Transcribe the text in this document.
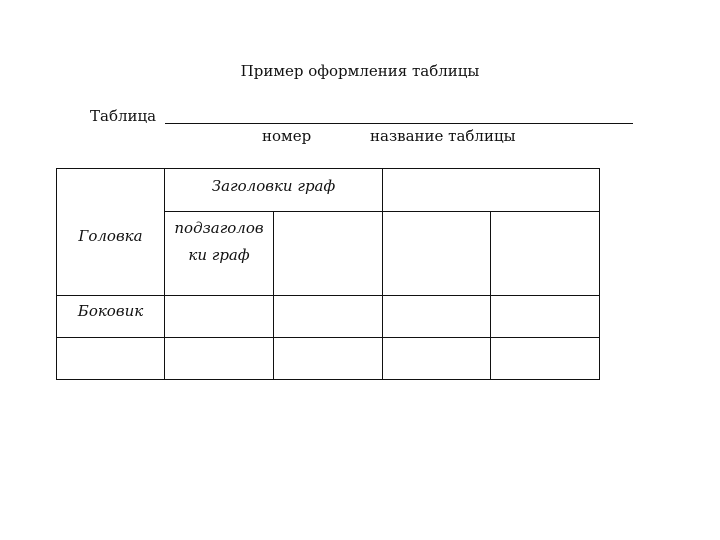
Пример оформления таблицы
Таблица
номер	название таблицы
Заголовки граф
Головка	подзаголов
ки граф
Боковик
